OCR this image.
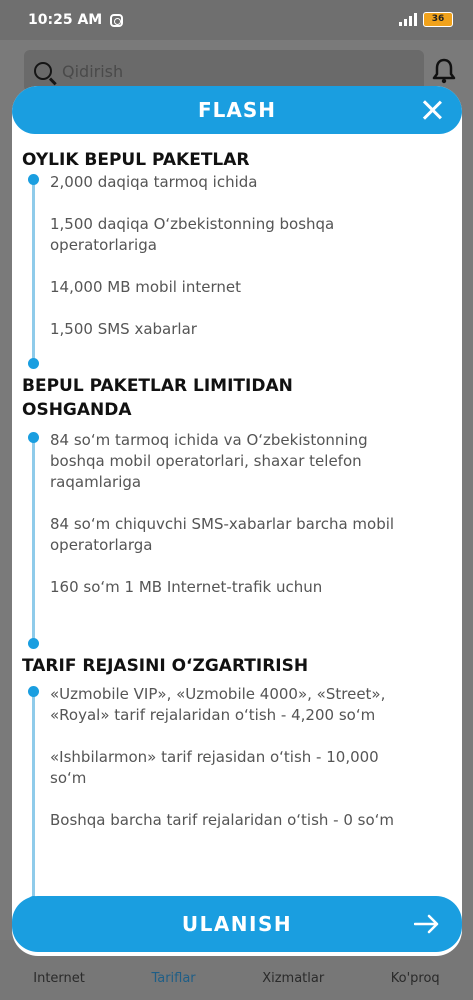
10:25 AM	36
Qidirish
Internet	Tariflar	Xizmatlar	Ko'proq
FLASH
OYLIK BEPUL PAKETLAR
2,000 daqiqa tarmoq ichida
1,500 daqiqa O‘zbekistonning boshqa operatorlariga
14,000 MB mobil internet
1,500 SMS xabarlar
BEPUL PAKETLAR LIMITIDAN OSHGANDA
84 so‘m tarmoq ichida va O‘zbekistonning boshqa mobil operatorlari, shaxar telefon raqamlariga
84 so‘m chiquvchi SMS-xabarlar barcha mobil operatorlarga
160 so‘m 1 MB Internet-trafik uchun
TARIF REJASINI O‘ZGARTIRISH
«Uzmobile VIP», «Uzmobile 4000», «Street», «Royal» tarif rejalaridan o‘tish - 4,200 so‘m
«Ishbilarmon» tarif rejasidan o‘tish - 10,000 so‘m
Boshqa barcha tarif rejalaridan o‘tish - 0 so‘m
ULANISH
